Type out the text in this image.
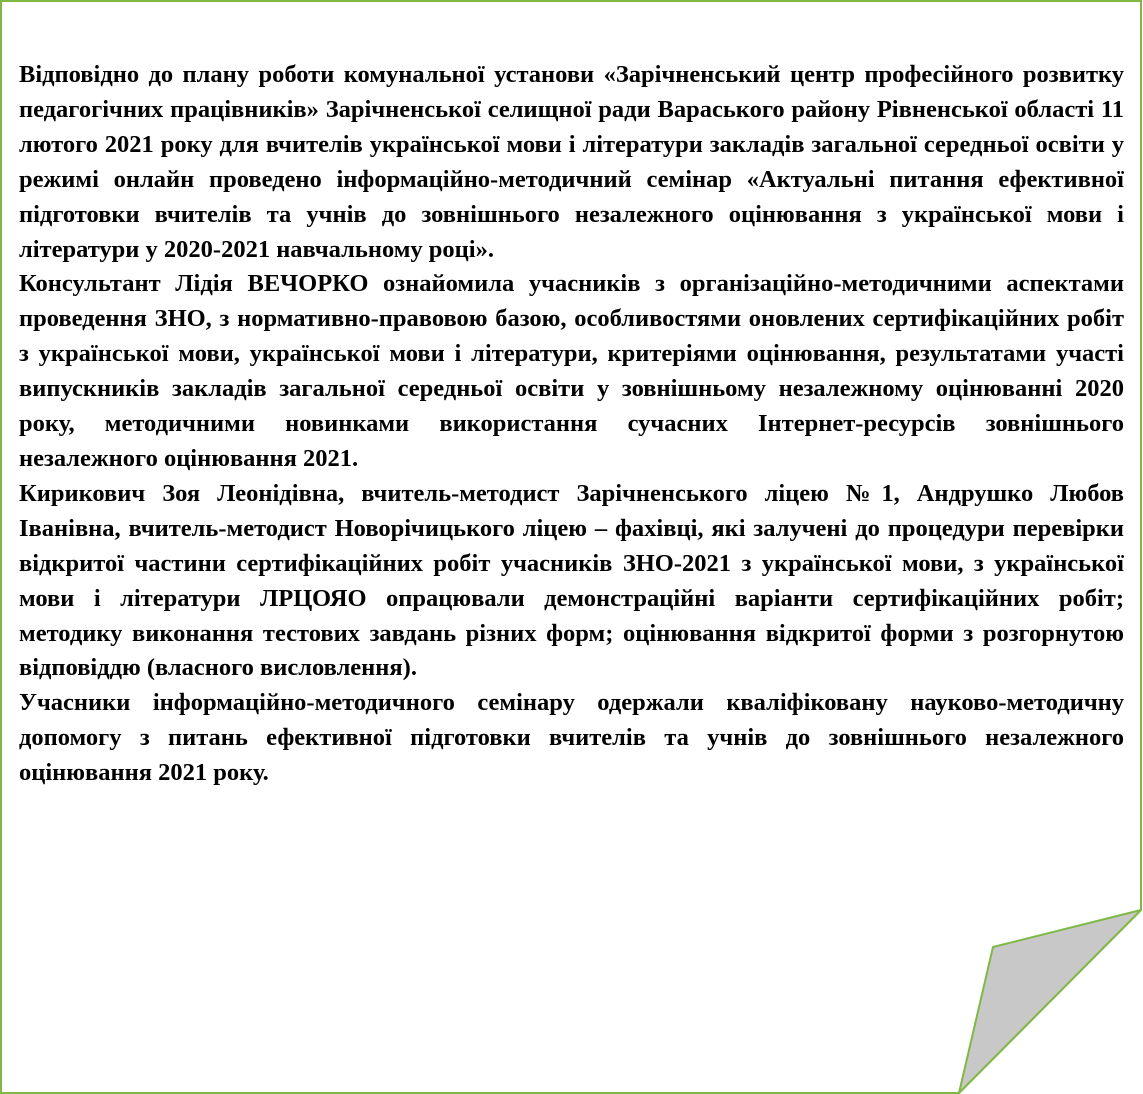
Відповідно до плану роботи комунальної установи «Зарічненський центр професійного розвитку педагогічних працівників» Зарічненської селищної ради Вараського району Рівненської області 11 лютого 2021 року для вчителів української мови і літератури закладів загальної середньої освіти у режимі онлайн проведено інформаційно-методичний семінар «Актуальні питання ефективної підготовки вчителів та учнів до зовнішнього незалежного оцінювання з української мови і літератури у 2020-2021 навчальному році».

Консультант Лідія ВЕЧОРКО ознайомила учасників з організаційно-методичними аспектами проведення ЗНО, з нормативно-правовою базою, особливостями оновлених сертифікаційних робіт з української мови, української мови і літератури, критеріями оцінювання, результатами участі випускників закладів загальної середньої освіти у зовнішньому незалежному оцінюванні 2020 року, методичними новинками використання сучасних Інтернет-ресурсів зовнішнього незалежного оцінювання 2021.

Кирикович Зоя Леонідівна, вчитель-методист Зарічненського ліцею №1, Андрушко Любов Іванівна, вчитель-методист Новорічицького ліцею – фахівці, які залучені до процедури перевірки відкритої частини сертифікаційних робіт учасників ЗНО-2021 з української мови, з української мови і літератури ЛРЦОЯО опрацювали демонстраційні варіанти сертифікаційних робіт; методику виконання тестових завдань різних форм; оцінювання відкритої форми з розгорнутою відповіддю (власного висловлення).

Учасники інформаційно-методичного семінару одержали кваліфіковану науково-методичну допомогу з питань ефективної підготовки вчителів та учнів до зовнішнього незалежного оцінювання 2021 року.
